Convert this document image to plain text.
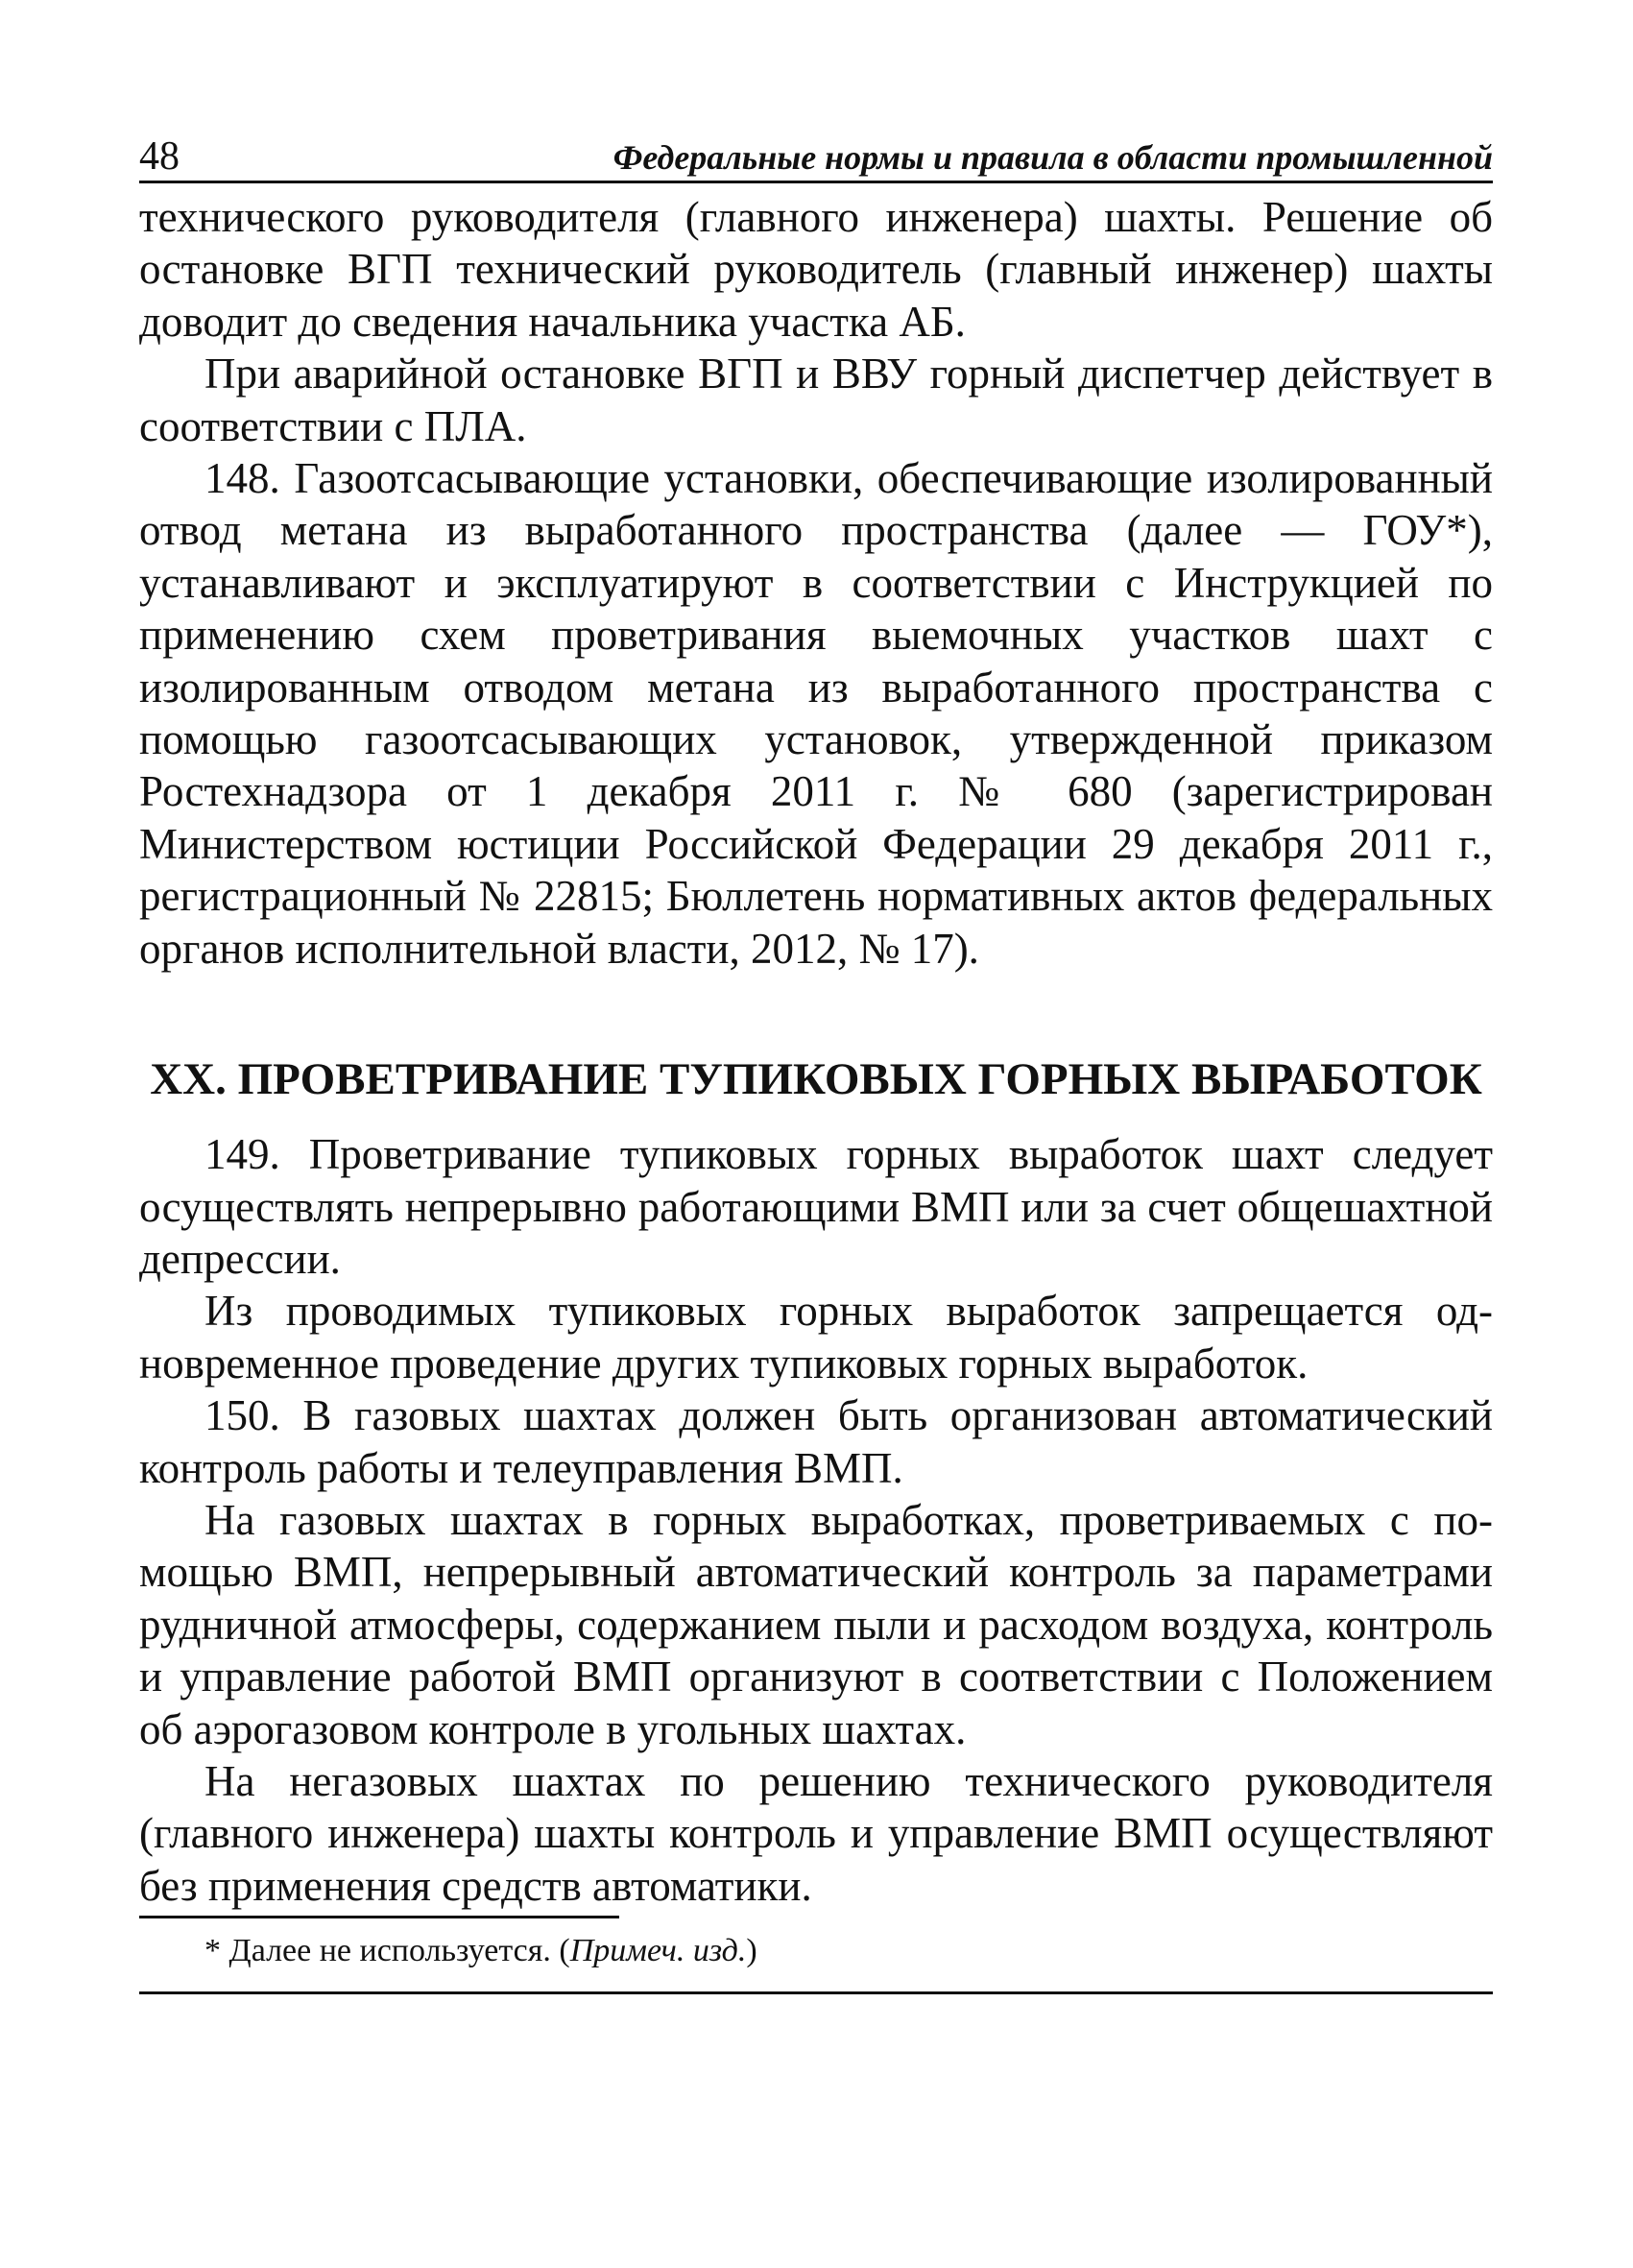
48	Федеральные нормы и правила в области промышленной

технического руководителя (главного инженера) шахты. Решение об остановке ВГП технический руководитель (главный инженер) шахты доводит до сведения начальника участка АБ.

При аварийной остановке ВГП и ВВУ горный диспетчер действует в соответствии с ПЛА.

148. Газоотсасывающие установки, обеспечивающие изолированный отвод метана из выработанного пространства (далее — ГОУ*), устанавливают и эксплуатируют в соответствии с Инструкцией по применению схем проветривания выемочных участков шахт с изолированным отводом метана из выработанного пространства с помощью газоотсасывающих установок, утвержденной приказом Ростехнадзора от 1 декабря 2011 г. № 680 (зарегистрирован Министерством юстиции Российской Федерации 29 декабря 2011 г., регистрационный № 22815; Бюллетень нормативных актов федеральных органов исполнительной власти, 2012, № 17).

XX. ПРОВЕТРИВАНИЕ ТУПИКОВЫХ ГОРНЫХ ВЫРАБОТОК

149. Проветривание тупиковых горных выработок шахт следует осуществлять непрерывно работающими ВМП или за счет общешахтной депрессии.

Из проводимых тупиковых горных выработок запрещается одновременное проведение других тупиковых горных выработок.

150. В газовых шахтах должен быть организован автоматический контроль работы и телеуправления ВМП.

На газовых шахтах в горных выработках, проветриваемых с помощью ВМП, непрерывный автоматический контроль за параметрами рудничной атмосферы, содержанием пыли и расходом воздуха, контроль и управление работой ВМП организуют в соответствии с Положением об аэрогазовом контроле в угольных шахтах.

На негазовых шахтах по решению технического руководителя (главного инженера) шахты контроль и управление ВМП осуществляют без применения средств автоматики.

* Далее не используется. (Примеч. изд.)
